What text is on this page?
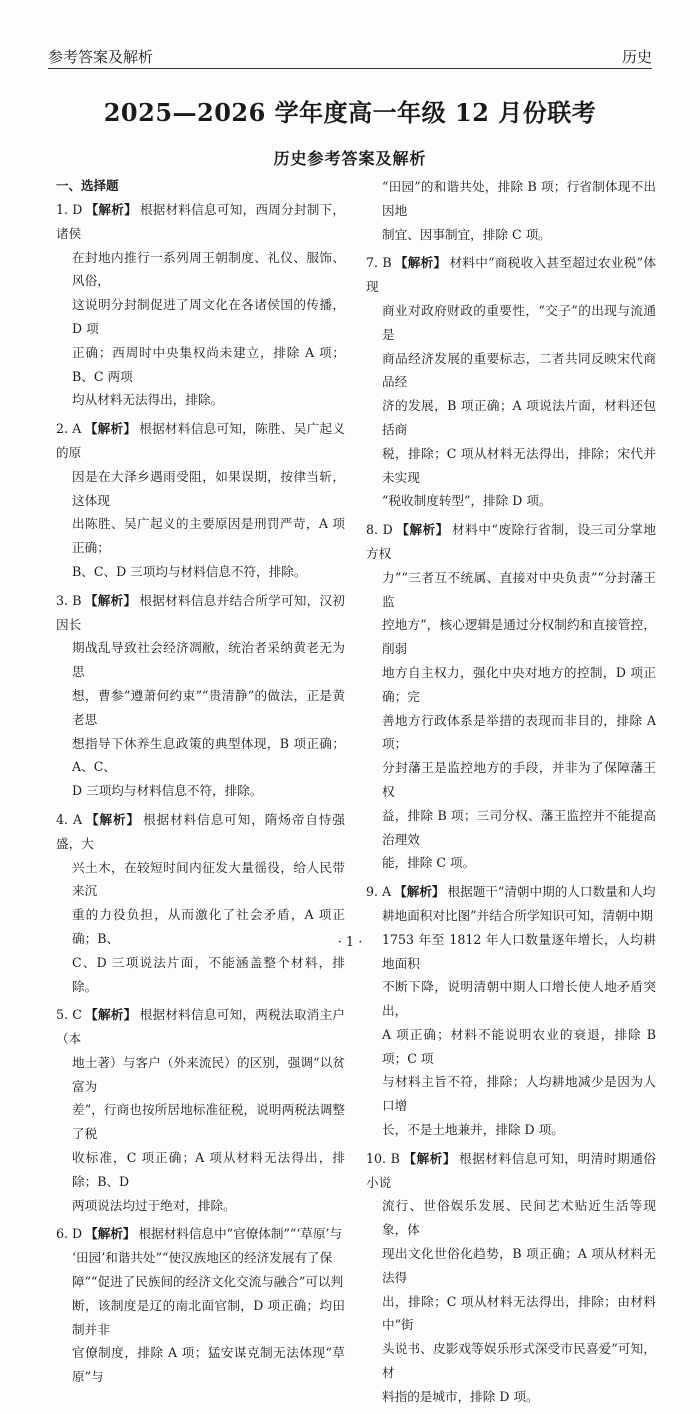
参考答案及解析	历史
2025—2026 学年度高一年级 12 月份联考
历史参考答案及解析
一、选择题
1. D 【解析】 根据材料信息可知，西周分封制下，诸侯
在封地内推行一系列周王朝制度、礼仪、服饰、风俗，
这说明分封制促进了周文化在各诸侯国的传播，D 项
正确；西周时中央集权尚未建立，排除 A 项；B、C 两项
均从材料无法得出，排除。
2. A 【解析】 根据材料信息可知，陈胜、吴广起义的原
因是在大泽乡遇雨受阻，如果误期，按律当斩，这体现
出陈胜、吴广起义的主要原因是刑罚严苛，A 项正确；
B、C、D 三项均与材料信息不符，排除。
3. B 【解析】 根据材料信息并结合所学可知，汉初因长
期战乱导致社会经济凋敝，统治者采纳黄老无为思
想，曹参“遵萧何约束”“贵清静”的做法，正是黄老思
想指导下休养生息政策的典型体现，B 项正确；A、C、
D 三项均与材料信息不符，排除。
4. A 【解析】 根据材料信息可知，隋炀帝自恃强盛，大
兴土木，在较短时间内征发大量徭役，给人民带来沉
重的力役负担，从而激化了社会矛盾，A 项正确；B、
C、D 三项说法片面，不能涵盖整个材料，排除。
5. C 【解析】 根据材料信息可知，两税法取消主户（本
地土著）与客户（外来流民）的区别，强调“以贫富为
差”，行商也按所居地标准征税，说明两税法调整了税
收标准，C 项正确；A 项从材料无法得出，排除；B、D
两项说法均过于绝对，排除。
6. D 【解析】 根据材料信息中“官僚体制”“‘草原’与
‘田园’和谐共处”“使汉族地区的经济发展有了保
障”“促进了民族间的经济文化交流与融合”可以判
断，该制度是辽的南北面官制，D 项正确；均田制并非
官僚制度，排除 A 项；猛安谋克制无法体现“草原”与
“田园”的和谐共处，排除 B 项；行省制体现不出因地
制宜、因事制宜，排除 C 项。
7. B 【解析】 材料中“商税收入甚至超过农业税”体现
商业对政府财政的重要性，“交子”的出现与流通是
商品经济发展的重要标志，二者共同反映宋代商品经
济的发展，B 项正确；A 项说法片面，材料还包括商
税，排除；C 项从材料无法得出，排除；宋代并未实现
“税收制度转型”，排除 D 项。
8. D 【解析】 材料中“废除行省制，设三司分掌地方权
力”“三者互不统属、直接对中央负责”“分封藩王监
控地方”，核心逻辑是通过分权制约和直接管控，削弱
地方自主权力，强化中央对地方的控制，D 项正确；完
善地方行政体系是举措的表现而非目的，排除 A 项；
分封藩王是监控地方的手段，并非为了保障藩王权
益，排除 B 项；三司分权、藩王监控并不能提高治理效
能，排除 C 项。
9. A 【解析】 根据题干“清朝中期的人口数量和人均
耕地面积对比图”并结合所学知识可知，清朝中期
1753 年至 1812 年人口数量逐年增长，人均耕地面积
不断下降，说明清朝中期人口增长使人地矛盾突出，
A 项正确；材料不能说明农业的衰退，排除 B 项；C 项
与材料主旨不符，排除；人均耕地减少是因为人口增
长，不是土地兼并，排除 D 项。
10. B 【解析】 根据材料信息可知，明清时期通俗小说
流行、世俗娱乐发展、民间艺术贴近生活等现象，体
现出文化世俗化趋势，B 项正确；A 项从材料无法得
出，排除；C 项从材料无法得出，排除；由材料中“街
头说书、皮影戏等娱乐形式深受市民喜爱”可知，材
料指的是城市，排除 D 项。
· 1 ·
